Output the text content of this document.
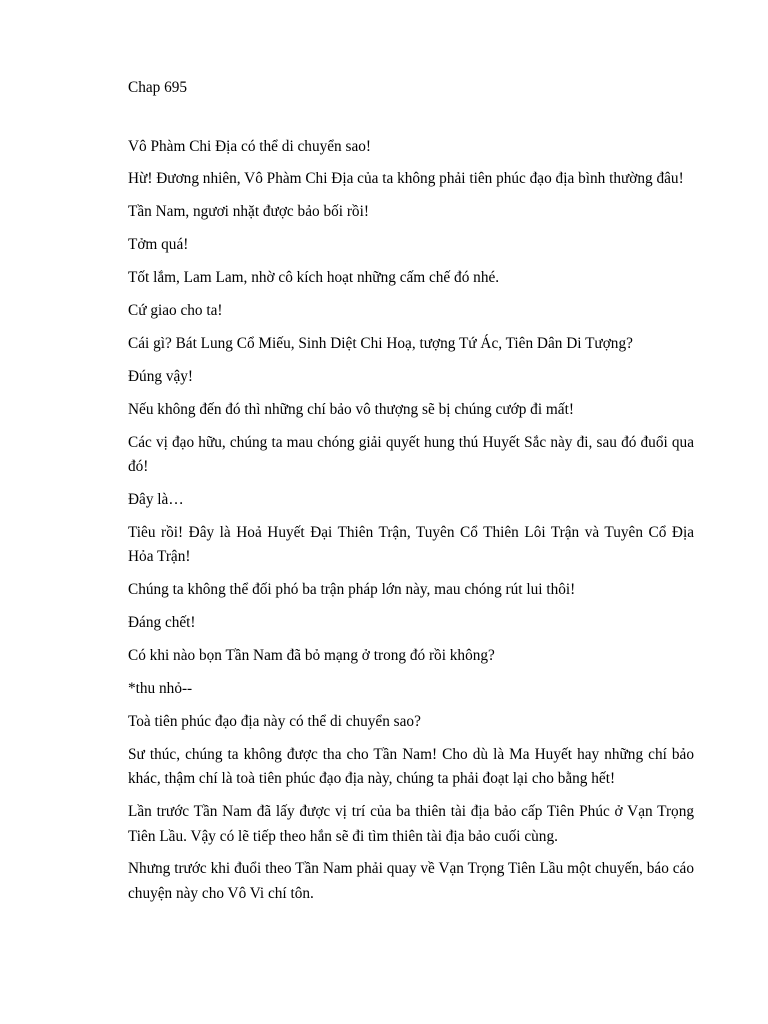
Chap 695

Vô Phàm Chi Địa có thể di chuyển sao!

Hừ! Đương nhiên, Vô Phàm Chi Địa của ta không phải tiên phúc đạo địa bình thường đâu!

Tần Nam, ngươi nhặt được bảo bối rồi!

Tởm quá!

Tốt lắm, Lam Lam, nhờ cô kích hoạt những cấm chế đó nhé.

Cứ giao cho ta!

Cái gì? Bát Lung Cổ Miếu, Sinh Diệt Chi Hoạ, tượng Tứ Ác, Tiên Dân Di Tượng?

Đúng vậy!

Nếu không đến đó thì những chí bảo vô thượng sẽ bị chúng cướp đi mất!

Các vị đạo hữu, chúng ta mau chóng giải quyết hung thú Huyết Sắc này đi, sau đó đuổi qua đó!

Đây là…

Tiêu rồi! Đây là Hoả Huyết Đại Thiên Trận, Tuyên Cổ Thiên Lôi Trận và Tuyên Cổ Địa Hỏa Trận!

Chúng ta không thể đối phó ba trận pháp lớn này, mau chóng rút lui thôi!

Đáng chết!

Có khi nào bọn Tần Nam đã bỏ mạng ở trong đó rồi không?

*thu nhỏ--

Toà tiên phúc đạo địa này có thể di chuyển sao?

Sư thúc, chúng ta không được tha cho Tần Nam! Cho dù là Ma Huyết hay những chí bảo khác, thậm chí là toà tiên phúc đạo địa này, chúng ta phải đoạt lại cho bằng hết!

Lần trước Tần Nam đã lấy được vị trí của ba thiên tài địa bảo cấp Tiên Phúc ở Vạn Trọng Tiên Lầu. Vậy có lẽ tiếp theo hắn sẽ đi tìm thiên tài địa bảo cuối cùng.

Nhưng trước khi đuổi theo Tần Nam phải quay về Vạn Trọng Tiên Lầu một chuyến, báo cáo chuyện này cho Vô Vi chí tôn.
